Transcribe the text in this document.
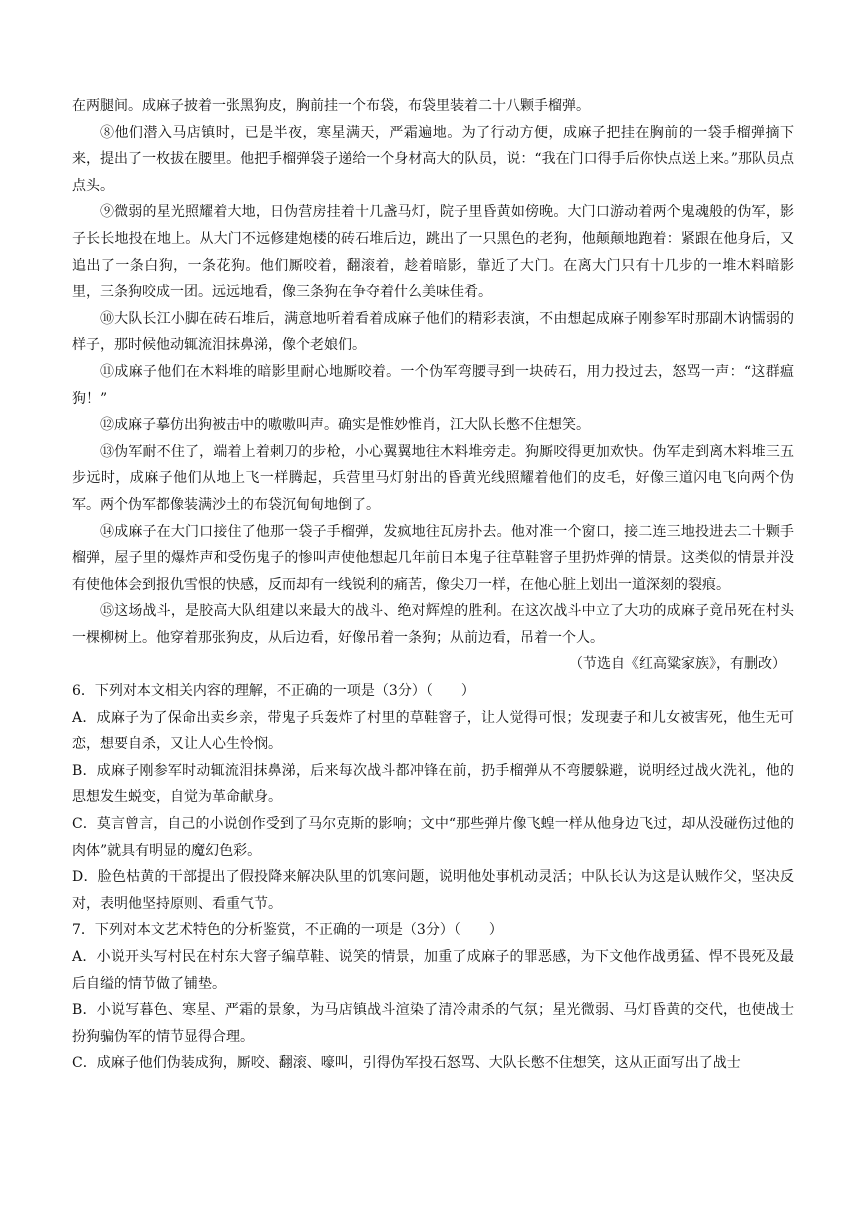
在两腿间。成麻子披着一张黑狗皮，胸前挂一个布袋，布袋里装着二十八颗手榴弹。

⑧他们潜入马店镇时，已是半夜，寒星满天，严霜遍地。为了行动方便，成麻子把挂在胸前的一袋手榴弹摘下来，提出了一枚拔在腰里。他把手榴弹袋子递给一个身材高大的队员，说：“我在门口得手后你快点送上来。”那队员点点头。

⑨微弱的星光照耀着大地，日伪营房挂着十几盏马灯，院子里昏黄如傍晚。大门口游动着两个鬼魂般的伪军，影子长长地投在地上。从大门不远修建炮楼的砖石堆后边，跳出了一只黑色的老狗，他颠颠地跑着：紧跟在他身后，又追出了一条白狗，一条花狗。他们厮咬着，翻滚着，趁着暗影，靠近了大门。在离大门只有十几步的一堆木料暗影里，三条狗咬成一团。远远地看，像三条狗在争夺着什么美味佳肴。

⑩大队长江小脚在砖石堆后，满意地听着看着成麻子他们的精彩表演，不由想起成麻子刚参军时那副木讷懦弱的样子，那时候他动辄流泪抹鼻涕，像个老娘们。

⑪成麻子他们在木料堆的暗影里耐心地厮咬着。一个伪军弯腰寻到一块砖石，用力投过去，怒骂一声：“这群瘟狗！”

⑫成麻子摹仿出狗被击中的嗷嗷叫声。确实是惟妙惟肖，江大队长憋不住想笑。

⑬伪军耐不住了，端着上着刺刀的步枪，小心翼翼地往木料堆旁走。狗厮咬得更加欢快。伪军走到离木料堆三五步远时，成麻子他们从地上飞一样腾起，兵营里马灯射出的昏黄光线照耀着他们的皮毛，好像三道闪电飞向两个伪军。两个伪军都像装满沙土的布袋沉甸甸地倒了。

⑭成麻子在大门口接住了他那一袋子手榴弹，发疯地往瓦房扑去。他对准一个窗口，接二连三地投进去二十颗手榴弹，屋子里的爆炸声和受伤鬼子的惨叫声使他想起几年前日本鬼子往草鞋窨子里扔炸弹的情景。这类似的情景并没有使他体会到报仇雪恨的快感，反而却有一线锐利的痛苦，像尖刀一样，在他心脏上划出一道深刻的裂痕。

⑮这场战斗，是胶高大队组建以来最大的战斗、绝对辉煌的胜利。在这次战斗中立了大功的成麻子竟吊死在村头一棵柳树上。他穿着那张狗皮，从后边看，好像吊着一条狗；从前边看，吊着一个人。

（节选自《红高粱家族》，有删改）

6．下列对本文相关内容的理解，不正确的一项是（3分）（　　）

A．成麻子为了保命出卖乡亲，带鬼子兵轰炸了村里的草鞋窨子，让人觉得可恨；发现妻子和儿女被害死，他生无可恋，想要自杀，又让人心生怜悯。

B．成麻子刚参军时动辄流泪抹鼻涕，后来每次战斗都冲锋在前，扔手榴弹从不弯腰躲避，说明经过战火洗礼，他的思想发生蜕变，自觉为革命献身。

C．莫言曾言，自己的小说创作受到了马尔克斯的影响；文中“那些弹片像飞蝗一样从他身边飞过，却从没碰伤过他的肉体”就具有明显的魔幻色彩。

D．脸色枯黄的干部提出了假投降来解决队里的饥寒问题，说明他处事机动灵活；中队长认为这是认贼作父，坚决反对，表明他坚持原则、看重气节。

7．下列对本文艺术特色的分析鉴赏，不正确的一项是（3分）（　　）

A．小说开头写村民在村东大窨子编草鞋、说笑的情景，加重了成麻子的罪恶感，为下文他作战勇猛、悍不畏死及最后自缢的情节做了铺垫。

B．小说写暮色、寒星、严霜的景象，为马店镇战斗渲染了清冷肃杀的气氛；星光微弱、马灯昏黄的交代，也使战士扮狗骗伪军的情节显得合理。

C．成麻子他们伪装成狗，厮咬、翻滚、嚎叫，引得伪军投石怒骂、大队长憋不住想笑，这从正面写出了战士
